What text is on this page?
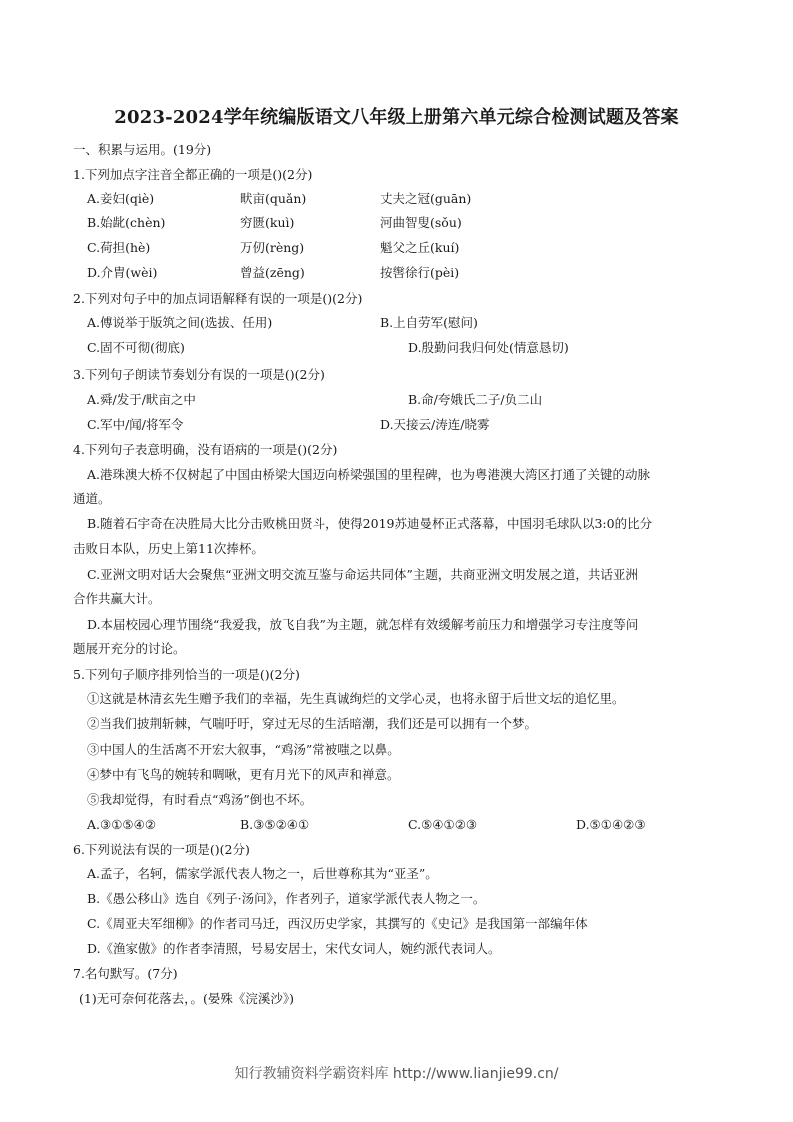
2023-2024学年统编版语文八年级上册第六单元综合检测试题及答案
一、积累与运用。(19分)
1.下列加点字注音全都正确的一项是()(2分)
A.妾妇(qiè)	畎亩(quǎn)	丈夫之冠(guān)
B.始龀(chèn)	穷匮(kuì)	河曲智叟(sǒu)
C.荷担(hè)	万仞(rèng)	魁父之丘(kuí)
D.介胄(wèi)	曾益(zēng)	按辔徐行(pèi)
2.下列对句子中的加点词语解释有误的一项是()(2分)
A.傅说举于版筑之间(选拔、任用)	B.上自劳军(慰问)
C.固不可彻(彻底)	D.殷勤问我归何处(情意恳切)
3.下列句子朗读节奏划分有误的一项是()(2分)
A.舜/发于/畎亩之中	B.命/夸娥氏二子/负二山
C.军中/闻/将军令	D.天接云/涛连/晓雾
4.下列句子表意明确，没有语病的一项是()(2分)
A.港珠澳大桥不仅树起了中国由桥梁大国迈向桥梁强国的里程碑，也为粤港澳大湾区打通了关键的动脉
通道。
B.随着石宇奇在决胜局大比分击败桃田贤斗，使得2019苏迪曼杯正式落幕，中国羽毛球队以3:0的比分
击败日本队，历史上第11次捧杯。
C.亚洲文明对话大会聚焦“亚洲文明交流互鉴与命运共同体”主题，共商亚洲文明发展之道，共话亚洲
合作共赢大计。
D.本届校园心理节围绕“我爱我，放飞自我”为主题，就怎样有效缓解考前压力和增强学习专注度等问
题展开充分的讨论。
5.下列句子顺序排列恰当的一项是()(2分)
①这就是林清玄先生赠予我们的幸福，先生真诚绚烂的文学心灵，也将永留于后世文坛的追忆里。
②当我们披荆斩棘，气喘吁吁，穿过无尽的生活暗潮，我们还是可以拥有一个梦。
③中国人的生活离不开宏大叙事，“鸡汤”常被嗤之以鼻。
④梦中有飞鸟的婉转和啁啾，更有月光下的风声和禅意。
⑤我却觉得，有时看点“鸡汤”倒也不坏。
A.③①⑤④②	B.③⑤②④①	C.⑤④①②③	D.⑤①④②③
6.下列说法有误的一项是()(2分)
A.孟子，名轲，儒家学派代表人物之一，后世尊称其为“亚圣”。
B.《愚公移山》选自《列子·汤问》，作者列子，道家学派代表人物之一。
C.《周亚夫军细柳》的作者司马迁，西汉历史学家，其撰写的《史记》是我国第一部编年体
D.《渔家傲》的作者李清照，号易安居士，宋代女词人，婉约派代表词人。
7.名句默写。(7分)
(1)无可奈何花落去，。(晏殊《浣溪沙》)
知行教辅资料学霸资料库 http://www.lianjie99.cn/
